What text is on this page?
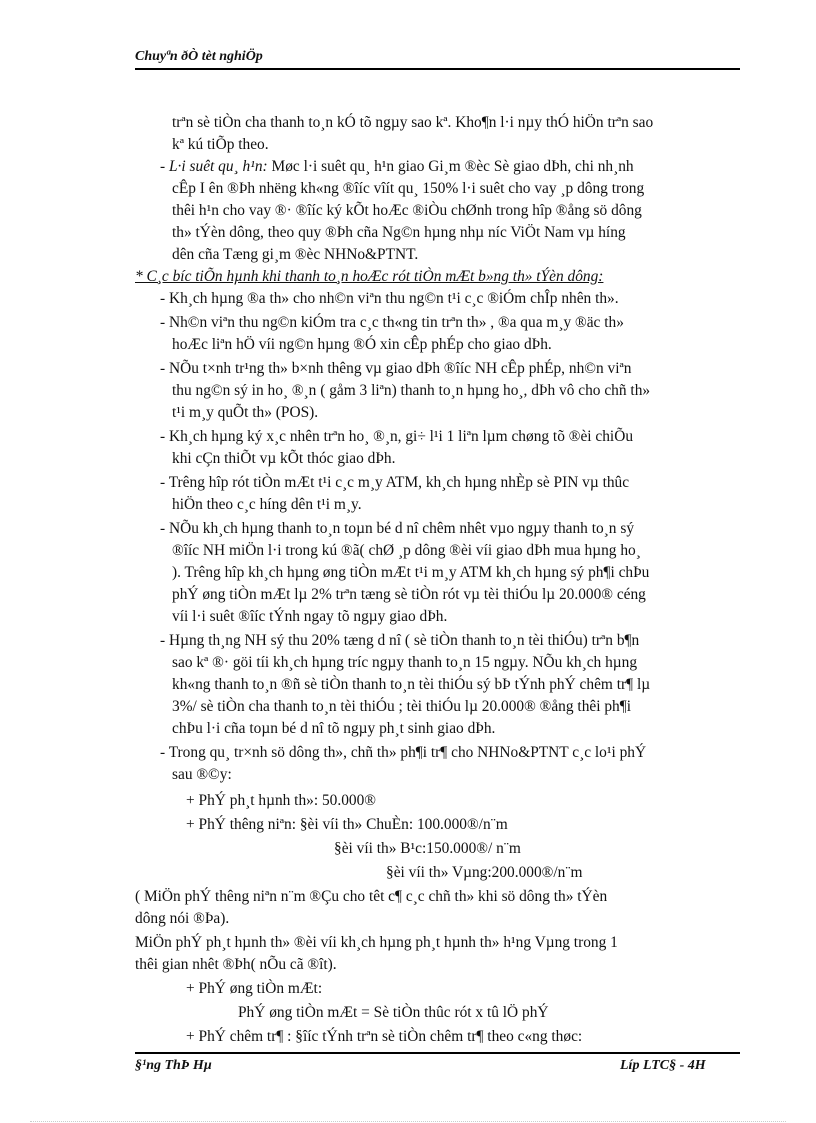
Chuyªn ðÒ tèt nghiÖp
trªn sè tiÒn cha thanh to¸n kÓ tõ ngµy sao kª. Kho¶n l·i nµy thÓ hiÖn trªn sao
kª kú tiÕp theo.
- L·i suêt qu¸ h¹n: Møc l·i suêt qu¸ h¹n giao Gi¸m ®èc Sè giao dÞh, chi nh¸nh
cÊp I ên ®Þh nhëng kh«ng ®îíc vîít qu¸ 150% l·i suêt cho vay ¸p dông trong
thêi h¹n cho vay ®· ®îíc ký kÕt hoÆc ®iÒu chØnh trong hîp ®ång sö dông
th» tÝèn dông, theo quy ®Þh cña Ng©n hµng nhµ níc ViÖt Nam vµ híng
dên cña Tæng gi¸m ®èc NHNo&PTNT.
* C¸c bíc tiÕn hµnh khi thanh to¸n hoÆc rót tiÒn mÆt b»ng th» tÝèn dông:
- Kh¸ch hµng ®a th» cho nh©n viªn thu ng©n t¹i c¸c ®iÓm chÎp nhên th».
- Nh©n viªn thu ng©n kiÓm tra c¸c th«ng tin trªn th» , ®a qua m¸y ®äc th»
hoÆc liªn hÖ víi ng©n hµng ®Ó xin cÊp phÉp cho giao dÞh.
- NÕu t×nh tr¹ng th» b×nh thêng vµ giao dÞh ®îíc NH cÊp phÉp, nh©n viªn
thu ng©n sý in ho¸ ®¸n ( gåm 3 liªn) thanh to¸n hµng ho¸, dÞh vô cho chñ th»
t¹i m¸y quÕt th» (POS).
- Kh¸ch hµng ký x¸c nhên trªn ho¸ ®¸n, gi÷ l¹i 1 liªn lµm chøng tõ ®èi chiÕu
khi cÇn thiÕt vµ kÕt thóc giao dÞh.
- Trêng hîp rót tiÒn mÆt t¹i c¸c m¸y ATM, kh¸ch hµng nhÈp sè PIN vµ thûc
hiÖn theo c¸c híng dên t¹i m¸y.
- NÕu kh¸ch hµng thanh to¸n toµn bé d nî chêm nhêt vµo ngµy thanh to¸n sý
®îíc NH miÖn l·i trong kú ®ã( chØ ¸p dông ®èi víi giao dÞh mua hµng ho¸
). Trêng hîp kh¸ch hµng øng tiÒn mÆt t¹i m¸y ATM kh¸ch hµng sý ph¶i chÞu
phÝ øng tiÒn mÆt lµ 2% trªn tæng sè tiÒn rót vµ tèi thiÓu lµ 20.000® céng
víi l·i suêt ®îíc tÝnh ngay tõ ngµy giao dÞh.
- Hµng th¸ng NH sý thu 20% tæng d nî ( sè tiÒn thanh to¸n tèi thiÓu) trªn b¶n
sao kª ®· göi tíi kh¸ch hµng tríc ngµy thanh to¸n 15 ngµy. NÕu kh¸ch hµng
kh«ng thanh to¸n ®ñ sè tiÒn thanh to¸n tèi thiÓu sý bÞ tÝnh phÝ chêm tr¶ lµ
3%/ sè tiÒn cha thanh to¸n tèi thiÓu ; tèi thiÓu lµ 20.000® ®ång thêi ph¶i
chÞu l·i cña toµn bé d nî tõ ngµy ph¸t sinh giao dÞh.
- Trong qu¸ tr×nh sö dông th», chñ th» ph¶i tr¶ cho NHNo&PTNT c¸c lo¹i phÝ
sau ®©y:
+ PhÝ ph¸t hµnh th»: 50.000®
+ PhÝ thêng niªn: §èi víi th» ChuÈn: 100.000®/n¨m
§èi víi th» B¹c:150.000®/ n¨m
§èi víi th» Vµng:200.000®/n¨m
( MiÖn phÝ thêng niªn n¨m ®Çu cho têt c¶ c¸c chñ th» khi sö dông th» tÝèn
dông nói ®Þa).
MiÖn phÝ ph¸t hµnh th» ®èi víi kh¸ch hµng ph¸t hµnh th» h¹ng Vµng trong 1
thêi gian nhêt ®Þh( nÕu cã ®ît).
+ PhÝ øng tiÒn mÆt:
PhÝ øng tiÒn mÆt = Sè tiÒn thûc rót x tû lÖ phÝ
+ PhÝ chêm tr¶ : §îíc tÝnh trªn sè tiÒn chêm tr¶ theo c«ng thøc:
§¹ng ThÞ Hµ	Líp LTC§ - 4H
